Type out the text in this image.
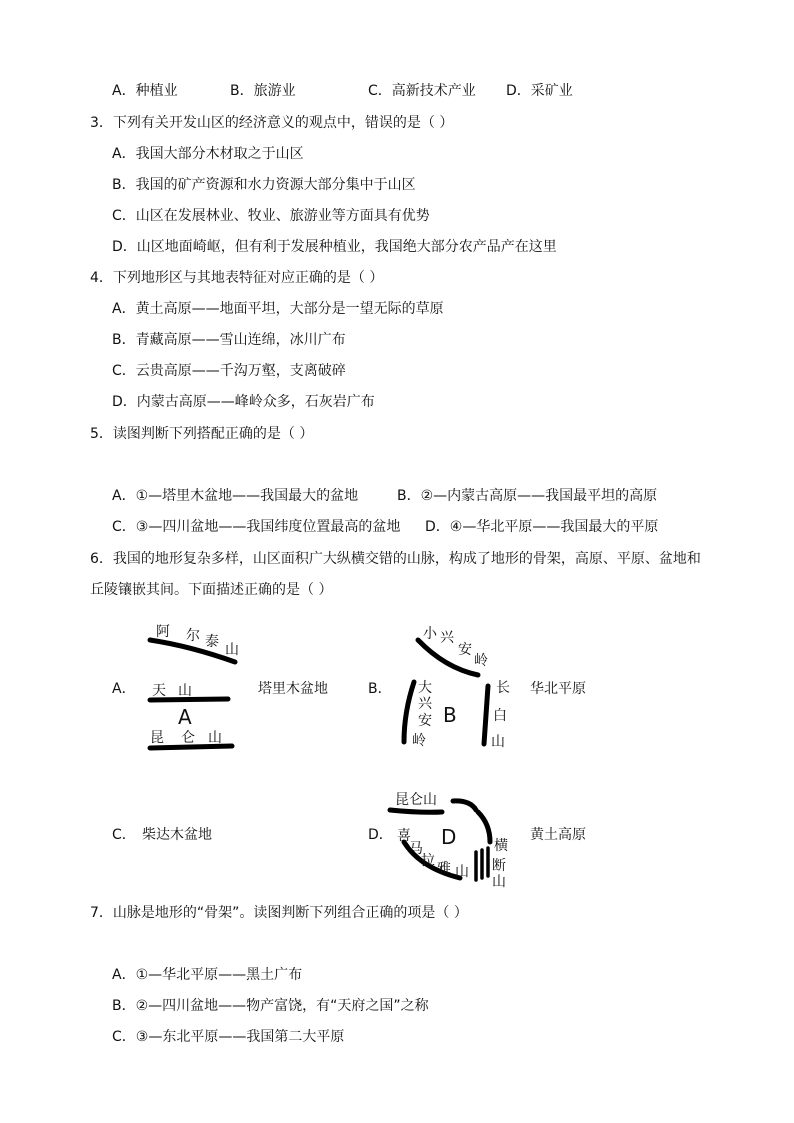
A．种植业	B．旅游业	C．高新技术产业 D．采矿业
3．下列有关开发山区的经济意义的观点中，错误的是（ ）
A．我国大部分木材取之于山区
B．我国的矿产资源和水力资源大部分集中于山区
C．山区在发展林业、牧业、旅游业等方面具有优势
D．山区地面崎岖，但有利于发展种植业，我国绝大部分农产品产在这里
4．下列地形区与其地表特征对应正确的是（ ）
A．黄土高原——地面平坦，大部分是一望无际的草原
B．青藏高原——雪山连绵，冰川广布
C．云贵高原——千沟万壑，支离破碎
D．内蒙古高原——峰岭众多，石灰岩广布
5．读图判断下列搭配正确的是（ ）
A．①—塔里木盆地——我国最大的盆地	B．②—内蒙古高原——我国最平坦的高原
C．③—四川盆地——我国纬度位置最高的盆地 D．④—华北平原——我国最大的平原
6．我国的地形复杂多样，山区面积广大纵横交错的山脉，构成了地形的骨架，高原、平原、盆地和
丘陵镶嵌其间。下面描述正确的是（ ）
A．	塔里木盆地	B．	华北平原
C． 柴达木盆地	D．	黄土高原
阿 尔 泰 山
天 山
A
昆 仑 山
小 兴
安
岭
大
兴
安
岭
B
长
白
山
昆仑山
D
喜
马
拉 雅 山
横
断
山
7．山脉是地形的“骨架”。读图判断下列组合正确的项是（ ）
A．①—华北平原——黑土广布
B．②—四川盆地——物产富饶，有“天府之国”之称
C．③—东北平原——我国第二大平原
